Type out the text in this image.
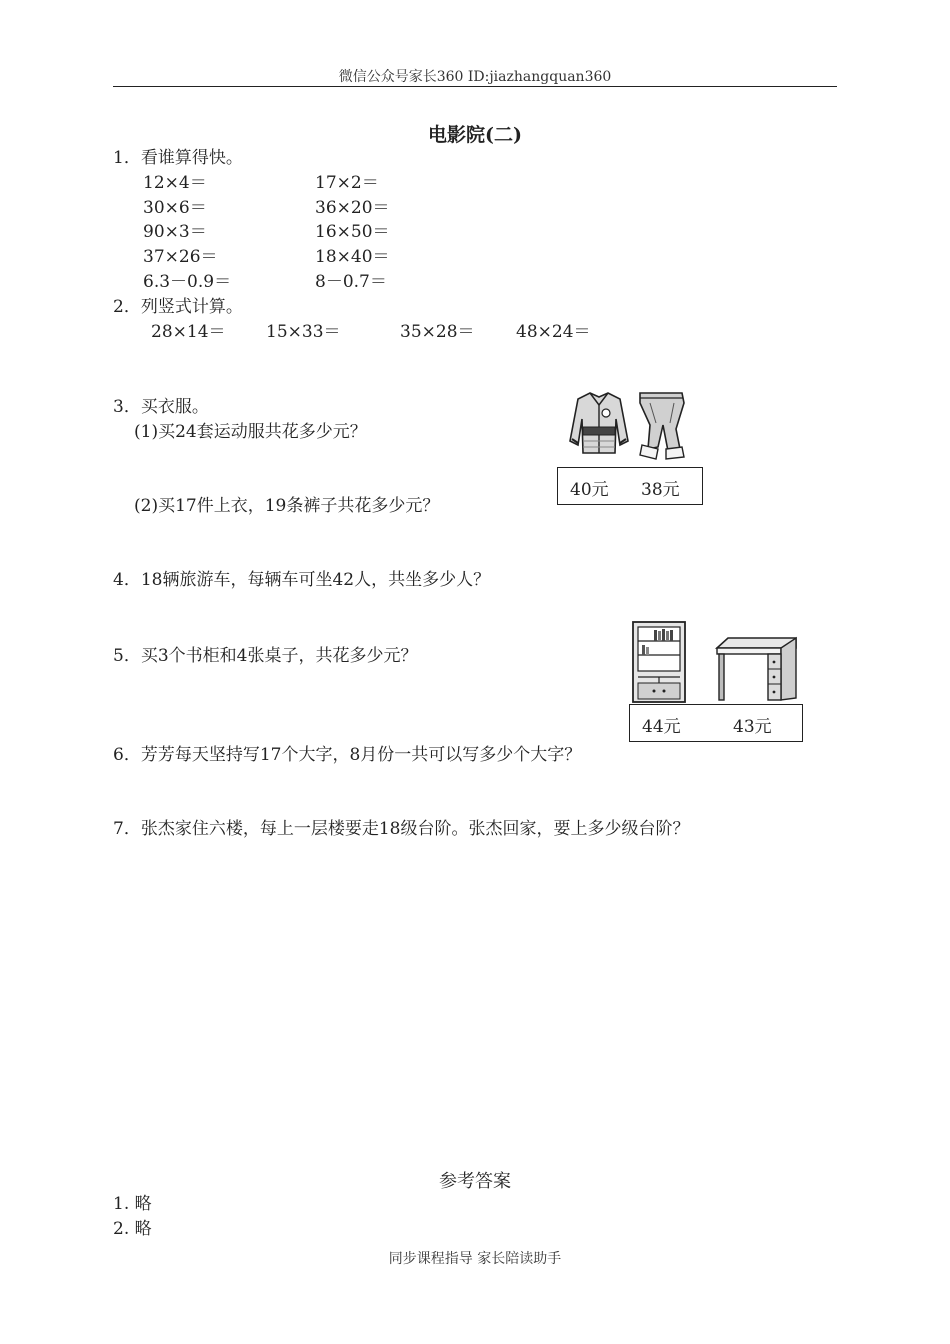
微信公众号家长360 ID:jiazhangquan360
电影院(二)
1．看谁算得快。
12×4＝
30×6＝
90×3＝
37×26＝
6.3－0.9＝
17×2＝
36×20＝
16×50＝
18×40＝
8－0.7＝
2．列竖式计算。
28×14＝ 15×33＝	35×28＝ 48×24＝
3．买衣服。
(1)买24套运动服共花多少元？
(2)买17件上衣，19条裤子共花多少元？
40元 38元
4．18辆旅游车，每辆车可坐42人，共坐多少人？
5．买3个书柜和4张桌子，共花多少元？
44元	43元
6．芳芳每天坚持写17个大字，8月份一共可以写多少个大字？
7．张杰家住六楼，每上一层楼要走18级台阶。张杰回家，要上多少级台阶？
参考答案
1. 略
2. 略
同步课程指导 家长陪读助手
